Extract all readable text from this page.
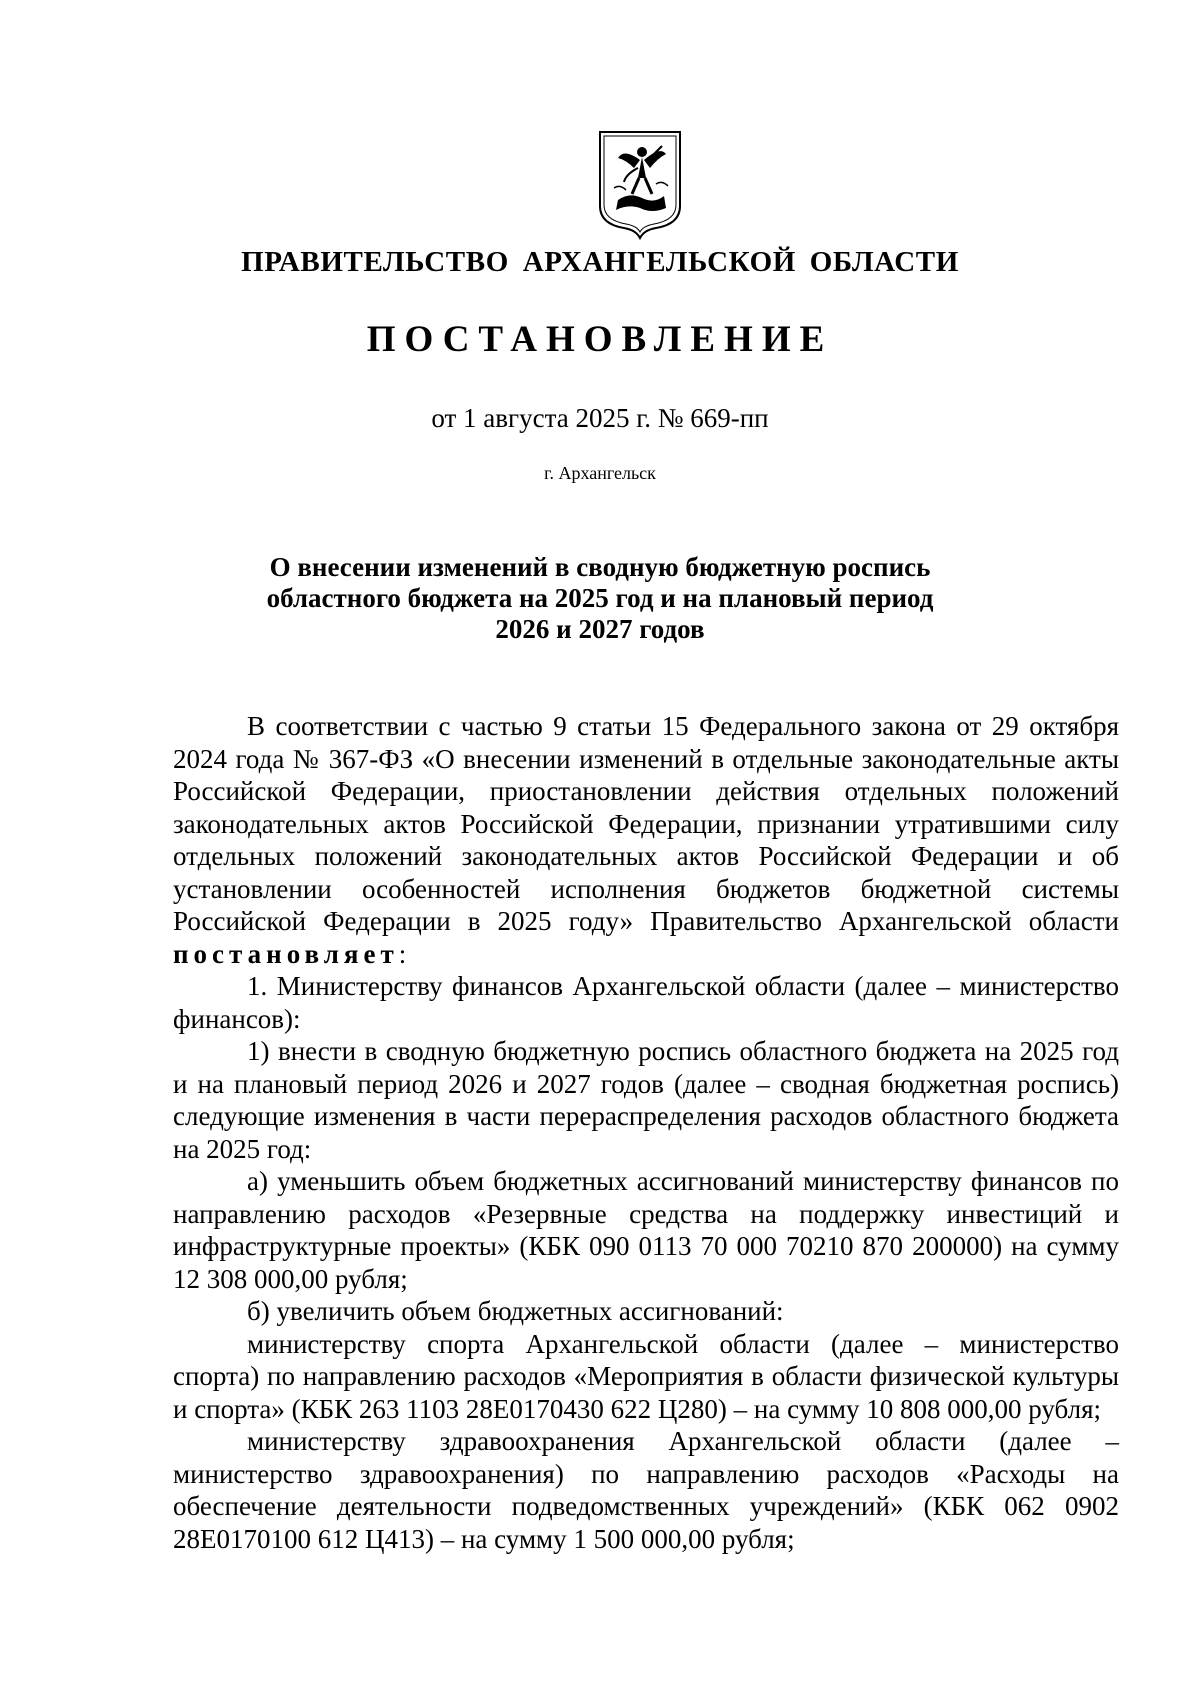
ПРАВИТЕЛЬСТВО АРХАНГЕЛЬСКОЙ ОБЛАСТИ
ПОСТАНОВЛЕНИЕ
от 1 августа 2025 г. № 669-пп
г. Архангельск
О внесении изменений в сводную бюджетную роспись
областного бюджета на 2025 год и на плановый период
2026 и 2027 годов

В соответствии с частью 9 статьи 15 Федерального закона от 29 октября 2024 года № 367-ФЗ «О внесении изменений в отдельные законодательные акты Российской Федерации, приостановлении действия отдельных положений законодательных актов Российской Федерации, признании утратившими силу отдельных положений законодательных актов Российской Федерации и об установлении особенностей исполнения бюджетов бюджетной системы Российской Федерации в 2025 году» Правительство Архангельской области постановляет:

1. Министерству финансов Архангельской области (далее – министерство финансов):

1) внести в сводную бюджетную роспись областного бюджета на 2025 год и на плановый период 2026 и 2027 годов (далее – сводная бюджетная роспись) следующие изменения в части перераспределения расходов областного бюджета на 2025 год:

а) уменьшить объем бюджетных ассигнований министерству финансов по направлению расходов «Резервные средства на поддержку инвестиций и инфраструктурные проекты» (КБК 090 0113 70 000 70210 870 200000) на сумму 12 308 000,00 рубля;

б) увеличить объем бюджетных ассигнований:

министерству спорта Архангельской области (далее – министерство спорта) по направлению расходов «Мероприятия в области физической культуры и спорта» (КБК 263 1103 28Е0170430 622 Ц280) – на сумму 10 808 000,00 рубля;

министерству здравоохранения Архангельской области (далее – министерство здравоохранения) по направлению расходов «Расходы на обеспечение деятельности подведомственных учреждений» (КБК 062 0902 28Е0170100 612 Ц413) – на сумму 1 500 000,00 рубля;
